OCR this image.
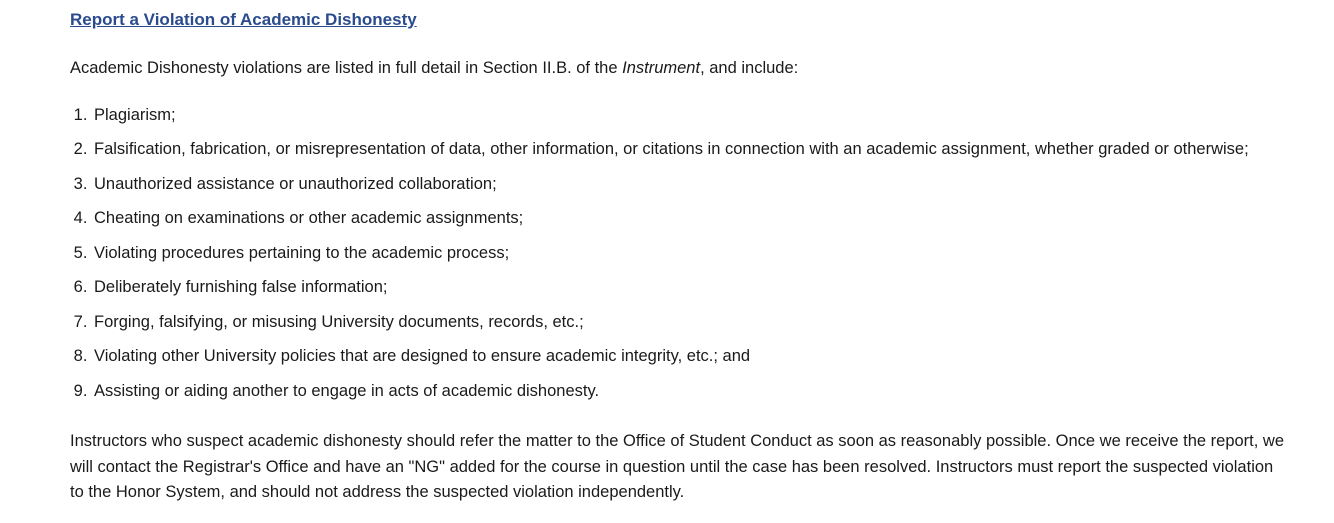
Report a Violation of Academic Dishonesty

Academic Dishonesty violations are listed in full detail in Section II.B. of the Instrument, and include:

1. Plagiarism;
2. Falsification, fabrication, or misrepresentation of data, other information, or citations in connection with an academic assignment, whether graded or otherwise;
3. Unauthorized assistance or unauthorized collaboration;
4. Cheating on examinations or other academic assignments;
5. Violating procedures pertaining to the academic process;
6. Deliberately furnishing false information;
7. Forging, falsifying, or misusing University documents, records, etc.;
8. Violating other University policies that are designed to ensure academic integrity, etc.; and
9. Assisting or aiding another to engage in acts of academic dishonesty.

Instructors who suspect academic dishonesty should refer the matter to the Office of Student Conduct as soon as reasonably possible. Once we receive the report, we will contact the Registrar's Office and have an "NG" added for the course in question until the case has been resolved. Instructors must report the suspected violation to the Honor System, and should not address the suspected violation independently.
